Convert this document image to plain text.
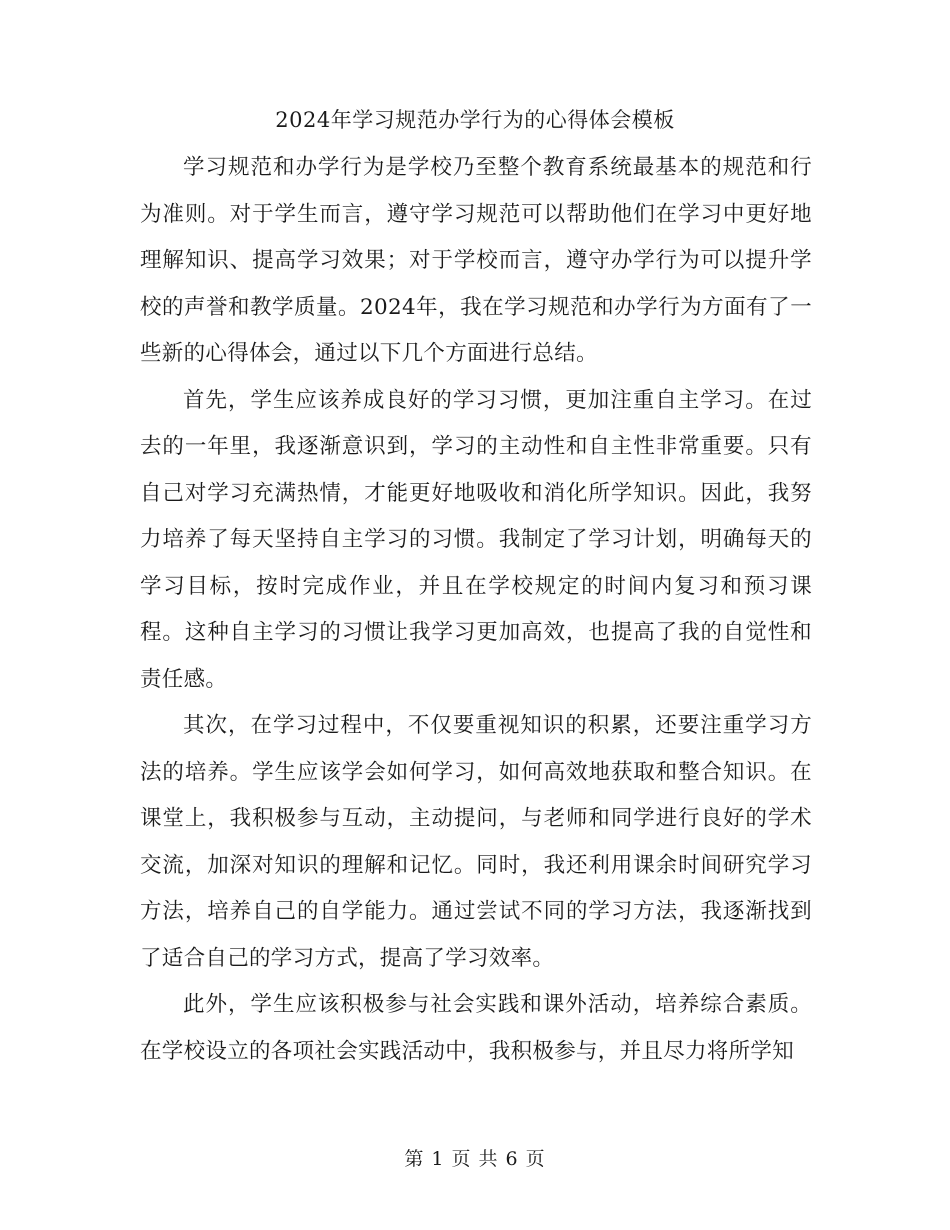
2024年学习规范办学行为的心得体会模板

学习规范和办学行为是学校乃至整个教育系统最基本的规范和行为准则。对于学生而言，遵守学习规范可以帮助他们在学习中更好地理解知识、提高学习效果；对于学校而言，遵守办学行为可以提升学校的声誉和教学质量。2024年，我在学习规范和办学行为方面有了一些新的心得体会，通过以下几个方面进行总结。

首先，学生应该养成良好的学习习惯，更加注重自主学习。在过去的一年里，我逐渐意识到，学习的主动性和自主性非常重要。只有自己对学习充满热情，才能更好地吸收和消化所学知识。因此，我努力培养了每天坚持自主学习的习惯。我制定了学习计划，明确每天的学习目标，按时完成作业，并且在学校规定的时间内复习和预习课程。这种自主学习的习惯让我学习更加高效，也提高了我的自觉性和责任感。

其次，在学习过程中，不仅要重视知识的积累，还要注重学习方法的培养。学生应该学会如何学习，如何高效地获取和整合知识。在课堂上，我积极参与互动，主动提问，与老师和同学进行良好的学术交流，加深对知识的理解和记忆。同时，我还利用课余时间研究学习方法，培养自己的自学能力。通过尝试不同的学习方法，我逐渐找到了适合自己的学习方式，提高了学习效率。

此外，学生应该积极参与社会实践和课外活动，培养综合素质。在学校设立的各项社会实践活动中，我积极参与，并且尽力将所学知

第 1 页 共 6 页
